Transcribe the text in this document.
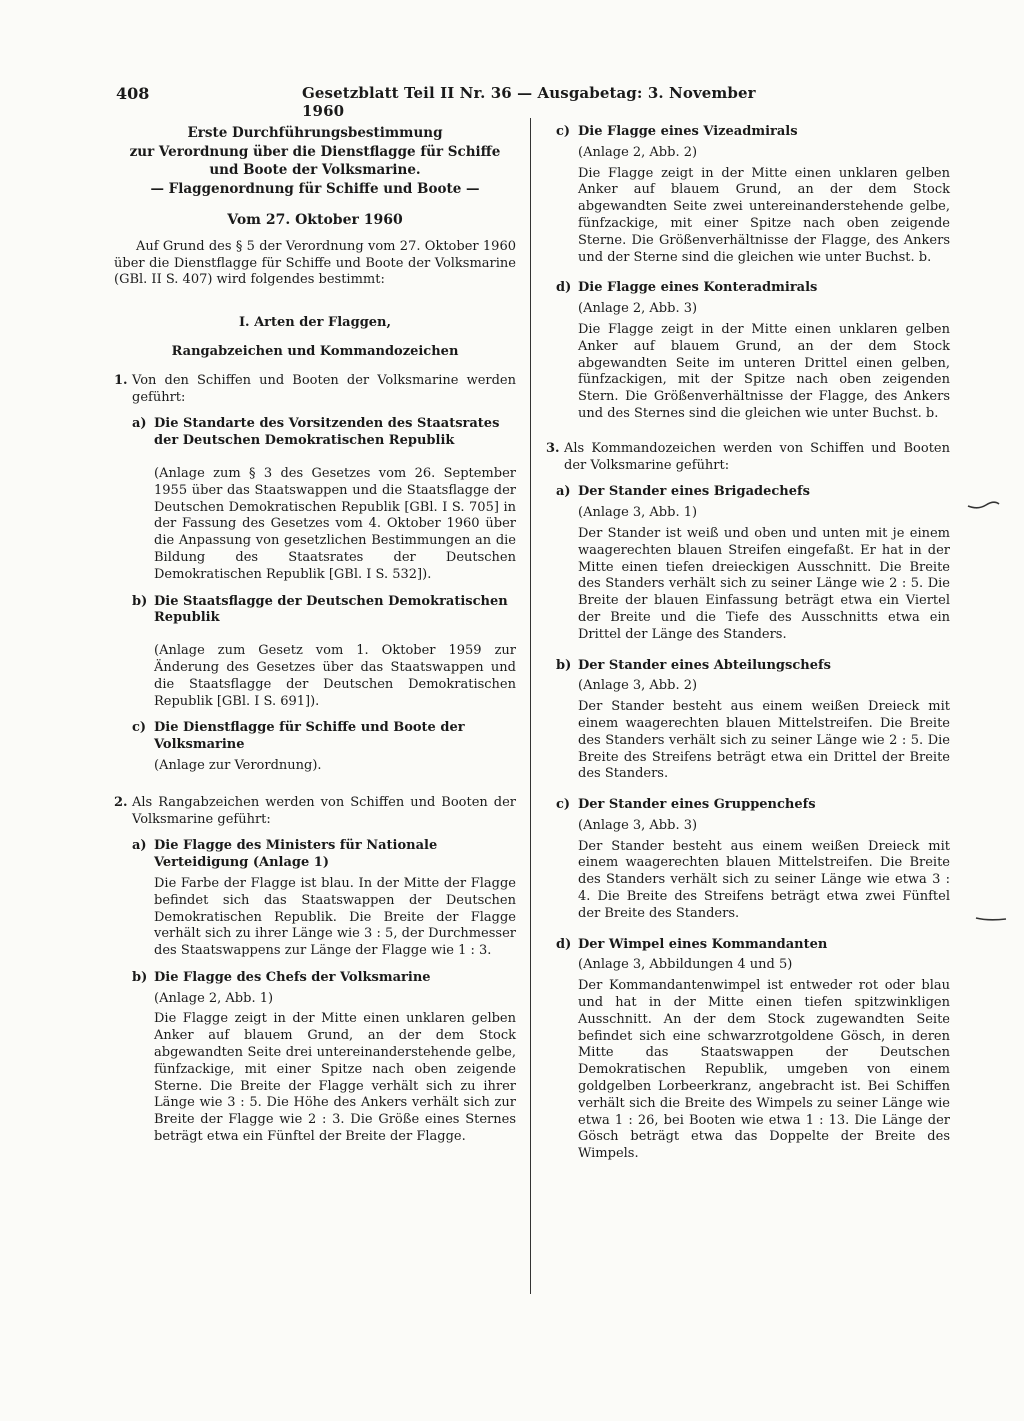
408	Gesetzblatt Teil II Nr. 36 — Ausgabetag: 3. November 1960

Erste Durchführungsbestimmung

zur Verordnung über die Dienstflagge für Schiffe

und Boote der Volksmarine.

— Flaggenordnung für Schiffe und Boote —

Vom 27. Oktober 1960

Auf Grund des § 5 der Verordnung vom 27. Oktober 1960 über die Dienstflagge für Schiffe und Boote der Volksmarine (GBl. II S. 407) wird folgendes bestimmt:

I. Arten der Flaggen,

Rangabzeichen und Kommandozeichen

1. Von den Schiffen und Booten der Volksmarine werden geführt:
a) Die Standarte des Vorsitzenden des Staatsrates der Deutschen Demokratischen Republik

(Anlage zum § 3 des Gesetzes vom 26. September 1955 über das Staatswappen und die Staatsflagge der Deutschen Demokratischen Republik [GBl. I S. 705] in der Fassung des Gesetzes vom 4. Oktober 1960 über die Anpassung von gesetzlichen Bestimmungen an die Bildung des Staatsrates der Deutschen Demokratischen Republik [GBl. I S. 532]).

b) Die Staatsflagge der Deutschen Demokratischen Republik

(Anlage zum Gesetz vom 1. Oktober 1959 zur Änderung des Gesetzes über das Staatswappen und die Staatsflagge der Deutschen Demokratischen Republik [GBl. I S. 691]).

c) Die Dienstflagge für Schiffe und Boote der Volksmarine

(Anlage zur Verordnung).

2. Als Rangabzeichen werden von Schiffen und Booten der Volksmarine geführt:
a) Die Flagge des Ministers für Nationale Verteidigung (Anlage 1)

Die Farbe der Flagge ist blau. In der Mitte der Flagge befindet sich das Staatswappen der Deutschen Demokratischen Republik. Die Breite der Flagge verhält sich zu ihrer Länge wie 3 : 5, der Durchmesser des Staatswappens zur Länge der Flagge wie 1 : 3.

b) Die Flagge des Chefs der Volksmarine

(Anlage 2, Abb. 1)

Die Flagge zeigt in der Mitte einen unklaren gelben Anker auf blauem Grund, an der dem Stock abgewandten Seite drei untereinanderstehende gelbe, fünfzackige, mit einer Spitze nach oben zeigende Sterne. Die Breite der Flagge verhält sich zu ihrer Länge wie 3 : 5. Die Höhe des Ankers verhält sich zur Breite der Flagge wie 2 : 3. Die Größe eines Sternes beträgt etwa ein Fünftel der Breite der Flagge.

c) Die Flagge eines Vizeadmirals

(Anlage 2, Abb. 2)

Die Flagge zeigt in der Mitte einen unklaren gelben Anker auf blauem Grund, an der dem Stock abgewandten Seite zwei untereinanderstehende gelbe, fünfzackige, mit einer Spitze nach oben zeigende Sterne. Die Größenverhältnisse der Flagge, des Ankers und der Sterne sind die gleichen wie unter Buchst. b.

d) Die Flagge eines Konteradmirals

(Anlage 2, Abb. 3)

Die Flagge zeigt in der Mitte einen unklaren gelben Anker auf blauem Grund, an der dem Stock abgewandten Seite im unteren Drittel einen gelben, fünfzackigen, mit der Spitze nach oben zeigenden Stern. Die Größenverhältnisse der Flagge, des Ankers und des Sternes sind die gleichen wie unter Buchst. b.

3. Als Kommandozeichen werden von Schiffen und Booten der Volksmarine geführt:
a) Der Stander eines Brigadechefs

(Anlage 3, Abb. 1)

Der Stander ist weiß und oben und unten mit je einem waagerechten blauen Streifen eingefaßt. Er hat in der Mitte einen tiefen dreieckigen Ausschnitt. Die Breite des Standers verhält sich zu seiner Länge wie 2 : 5. Die Breite der blauen Einfassung beträgt etwa ein Viertel der Breite und die Tiefe des Ausschnitts etwa ein Drittel der Länge des Standers.

b) Der Stander eines Abteilungschefs

(Anlage 3, Abb. 2)

Der Stander besteht aus einem weißen Dreieck mit einem waagerechten blauen Mittelstreifen. Die Breite des Standers verhält sich zu seiner Länge wie 2 : 5. Die Breite des Streifens beträgt etwa ein Drittel der Breite des Standers.

c) Der Stander eines Gruppenchefs

(Anlage 3, Abb. 3)

Der Stander besteht aus einem weißen Dreieck mit einem waagerechten blauen Mittelstreifen. Die Breite des Standers verhält sich zu seiner Länge wie etwa 3 : 4. Die Breite des Streifens beträgt etwa zwei Fünftel der Breite des Standers.

d) Der Wimpel eines Kommandanten

(Anlage 3, Abbildungen 4 und 5)

Der Kommandantenwimpel ist entweder rot oder blau und hat in der Mitte einen tiefen spitzwinkligen Ausschnitt. An der dem Stock zugewandten Seite befindet sich eine schwarzrotgoldene Gösch, in deren Mitte das Staatswappen der Deutschen Demokratischen Republik, umgeben von einem goldgelben Lorbeerkranz, angebracht ist. Bei Schiffen verhält sich die Breite des Wimpels zu seiner Länge wie etwa 1 : 26, bei Booten wie etwa 1 : 13. Die Länge der Gösch beträgt etwa das Doppelte der Breite des Wimpels.
